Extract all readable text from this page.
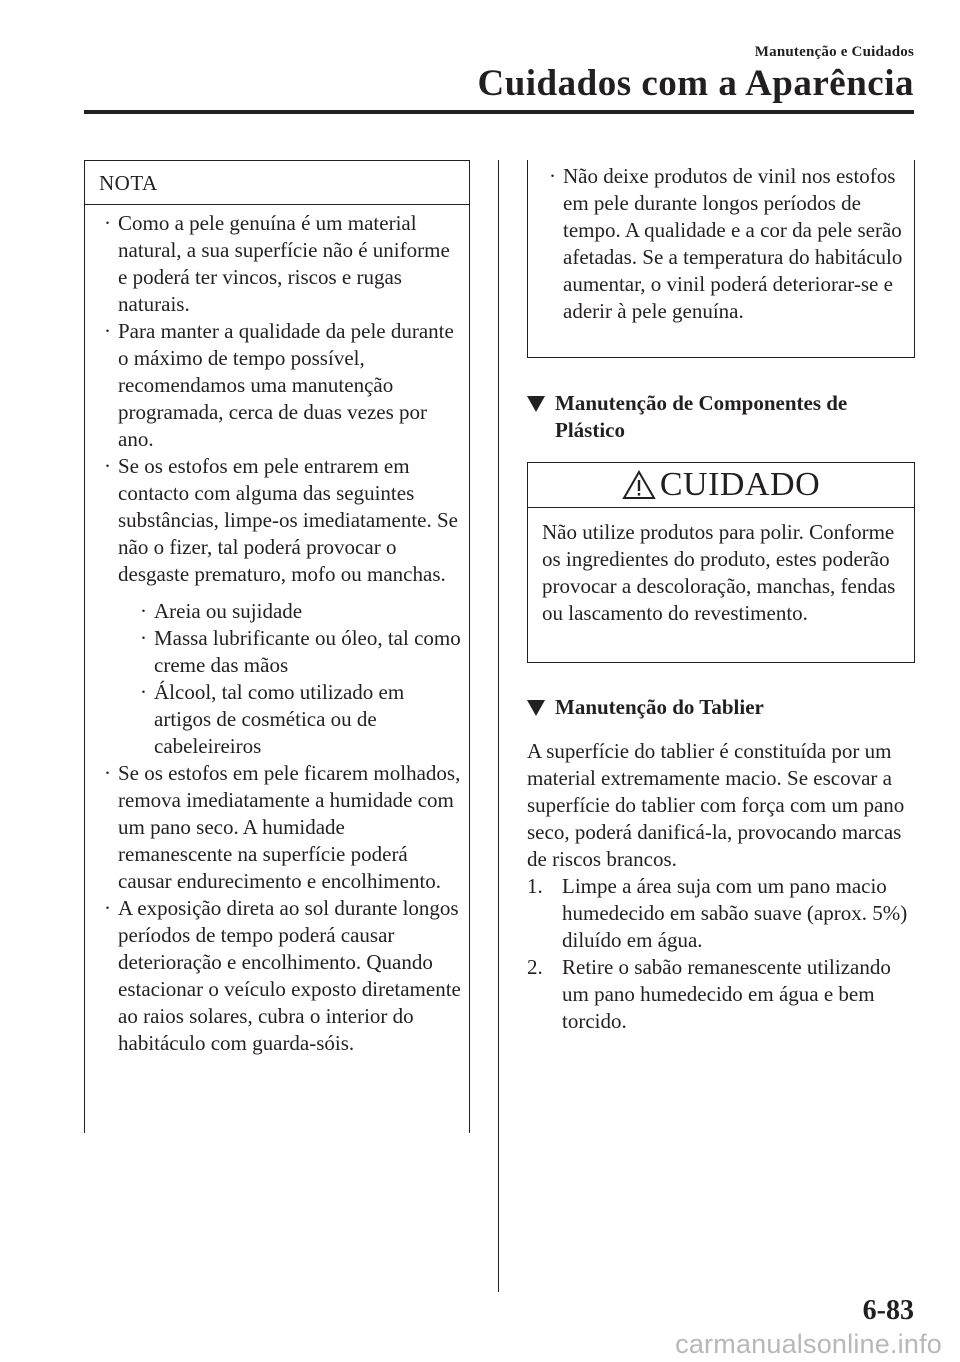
Manutenção e Cuidados
Cuidados com a Aparência
NOTA
· Como a pele genuína é um material natural, a sua superfície não é uniforme e poderá ter vincos, riscos e rugas naturais.
· Para manter a qualidade da pele durante o máximo de tempo possível, recomendamos uma manutenção programada, cerca de duas vezes por ano.
· Se os estofos em pele entrarem em contacto com alguma das seguintes substâncias, limpe-os imediatamente. Se não o fizer, tal poderá provocar o desgaste prematuro, mofo ou manchas.
· Areia ou sujidade
· Massa lubrificante ou óleo, tal como creme das mãos
· Álcool, tal como utilizado em artigos de cosmética ou de cabeleireiros
· Se os estofos em pele ficarem molhados, remova imediatamente a humidade com um pano seco. A humidade remanescente na superfície poderá causar endurecimento e encolhimento.
· A exposição direta ao sol durante longos períodos de tempo poderá causar deterioração e encolhimento. Quando estacionar o veículo exposto diretamente ao raios solares, cubra o interior do habitáculo com guarda-sóis.
· Não deixe produtos de vinil nos estofos em pele durante longos períodos de tempo. A qualidade e a cor da pele serão afetadas. Se a temperatura do habitáculo aumentar, o vinil poderá deteriorar-se e aderir à pele genuína.
Manutenção de Componentes de
Plástico
CUIDADO
Não utilize produtos para polir. Conforme os ingredientes do produto, estes poderão provocar a descoloração, manchas, fendas ou lascamento do revestimento.
Manutenção do Tablier

A superfície do tablier é constituída por um material extremamente macio. Se escovar a superfície do tablier com força com um pano seco, poderá danificá-la, provocando marcas de riscos brancos.

1. Limpe a área suja com um pano macio humedecido em sabão suave (aprox. 5%) diluído em água.
2. Retire o sabão remanescente utilizando um pano humedecido em água e bem torcido.
6-83
carmanualsonline.info
